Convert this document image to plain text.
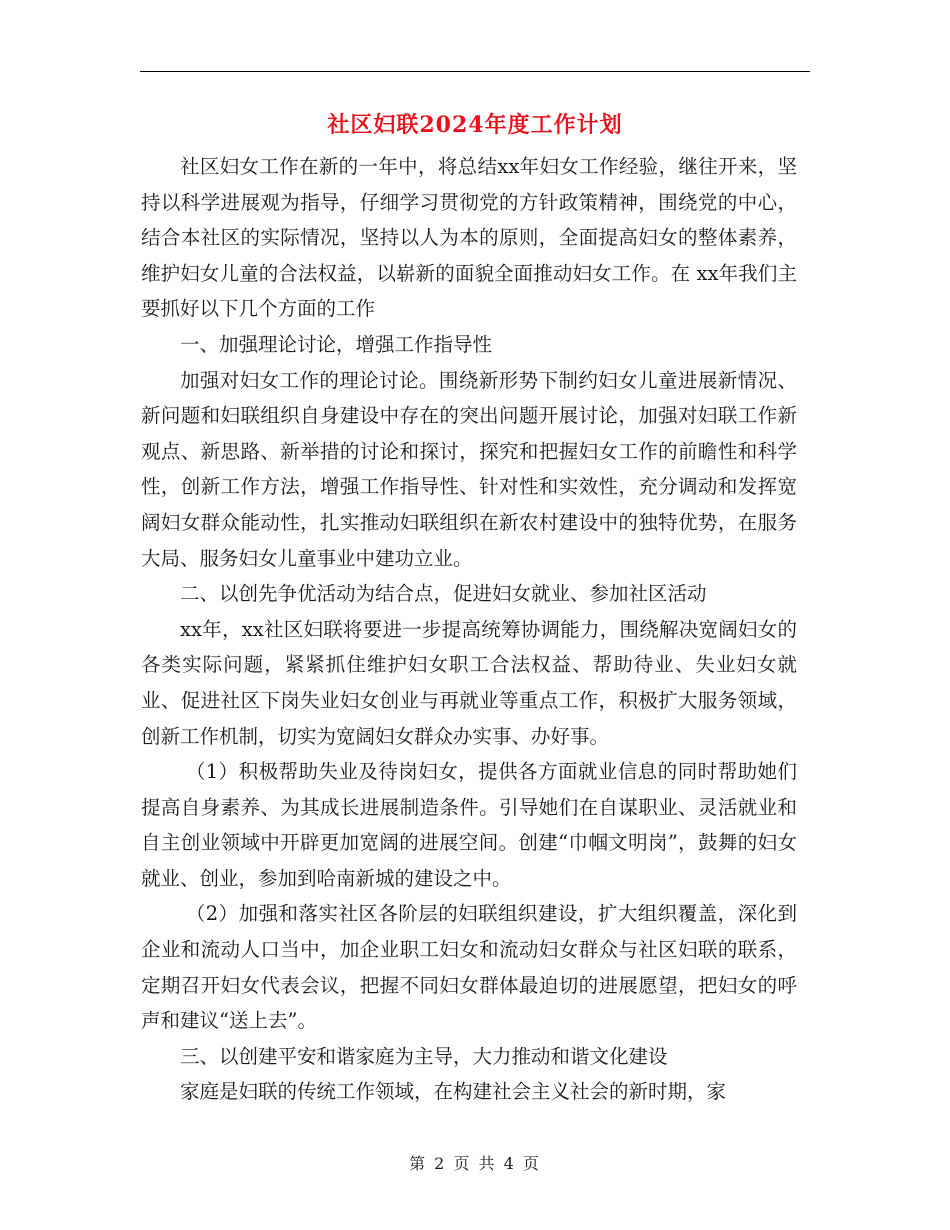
社区妇联2024年度工作计划

社区妇女工作在新的一年中，将总结xx年妇女工作经验，继往开来，坚持以科学进展观为指导，仔细学习贯彻党的方针政策精神，围绕党的中心，结合本社区的实际情况，坚持以人为本的原则，全面提高妇女的整体素养，维护妇女儿童的合法权益，以崭新的面貌全面推动妇女工作。在 xx年我们主要抓好以下几个方面的工作

一、加强理论讨论，增强工作指导性

加强对妇女工作的理论讨论。围绕新形势下制约妇女儿童进展新情况、新问题和妇联组织自身建设中存在的突出问题开展讨论，加强对妇联工作新观点、新思路、新举措的讨论和探讨，探究和把握妇女工作的前瞻性和科学性，创新工作方法，增强工作指导性、针对性和实效性，充分调动和发挥宽阔妇女群众能动性，扎实推动妇联组织在新农村建设中的独特优势，在服务大局、服务妇女儿童事业中建功立业。

二、以创先争优活动为结合点，促进妇女就业、参加社区活动

xx年，xx社区妇联将要进一步提高统筹协调能力，围绕解决宽阔妇女的各类实际问题，紧紧抓住维护妇女职工合法权益、帮助待业、失业妇女就业、促进社区下岗失业妇女创业与再就业等重点工作，积极扩大服务领域，创新工作机制，切实为宽阔妇女群众办实事、办好事。

（1）积极帮助失业及待岗妇女，提供各方面就业信息的同时帮助她们提高自身素养、为其成长进展制造条件。引导她们在自谋职业、灵活就业和自主创业领域中开辟更加宽阔的进展空间。创建“巾帼文明岗”，鼓舞的妇女就业、创业，参加到哈南新城的建设之中。

（2）加强和落实社区各阶层的妇联组织建设，扩大组织覆盖，深化到企业和流动人口当中，加企业职工妇女和流动妇女群众与社区妇联的联系，定期召开妇女代表会议，把握不同妇女群体最迫切的进展愿望，把妇女的呼声和建议“送上去”。

三、以创建平安和谐家庭为主导，大力推动和谐文化建设

家庭是妇联的传统工作领域，在构建社会主义社会的新时期，家

第 2 页 共 4 页
